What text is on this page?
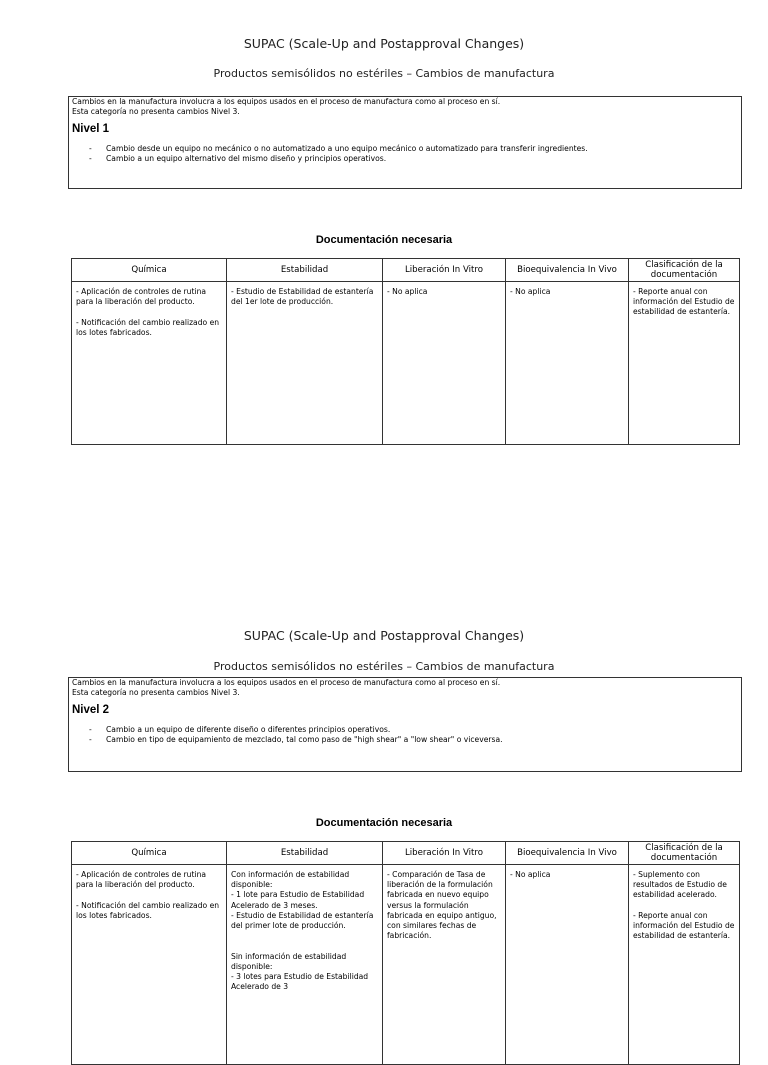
SUPAC (Scale-Up and Postapproval Changes)
Productos semisólidos no estériles – Cambios de manufactura

Cambios en la manufactura involucra a los equipos usados en el proceso de manufactura como al proceso en sí.

Esta categoría no presenta cambios Nivel 3.

Nivel 1
- Cambio desde un equipo no mecánico o no automatizado a uno equipo mecánico o automatizado para transferir ingredientes.
- Cambio a un equipo alternativo del mismo diseño y principios operativos.
Documentación necesaria
Química	Estabilidad	Liberación In Vitro	Bioequivalencia In Vivo	Clasificación de la documentación
- Aplicación de controles de rutina para la liberación del producto.

- Notificación del cambio realizado en los lotes fabricados.	- Estudio de Estabilidad de estantería del 1er lote de producción.	- No aplica	- No aplica	- Reporte anual con información del Estudio de estabilidad de estantería.
SUPAC (Scale-Up and Postapproval Changes)
Productos semisólidos no estériles – Cambios de manufactura

Cambios en la manufactura involucra a los equipos usados en el proceso de manufactura como al proceso en sí.

Esta categoría no presenta cambios Nivel 3.

Nivel 2
- Cambio a un equipo de diferente diseño o diferentes principios operativos.
- Cambio en tipo de equipamiento de mezclado, tal como paso de "high shear" a "low shear" o viceversa.
Documentación necesaria
Química	Estabilidad	Liberación In Vitro	Bioequivalencia In Vivo	Clasificación de la documentación
- Aplicación de controles de rutina para la liberación del producto.

- Notificación del cambio realizado en los lotes fabricados.	Con información de estabilidad disponible:
- 1 lote para Estudio de Estabilidad Acelerado de 3 meses.
- Estudio de Estabilidad de estantería del primer lote de producción.

Sin información de estabilidad disponible:
- 3 lotes para Estudio de Estabilidad Acelerado de 3	- Comparación de Tasa de liberación de la formulación fabricada en nuevo equipo versus la formulación fabricada en equipo antiguo, con similares fechas de fabricación.	- No aplica	- Suplemento con resultados de Estudio de estabilidad acelerado.

- Reporte anual con información del Estudio de estabilidad de estantería.
